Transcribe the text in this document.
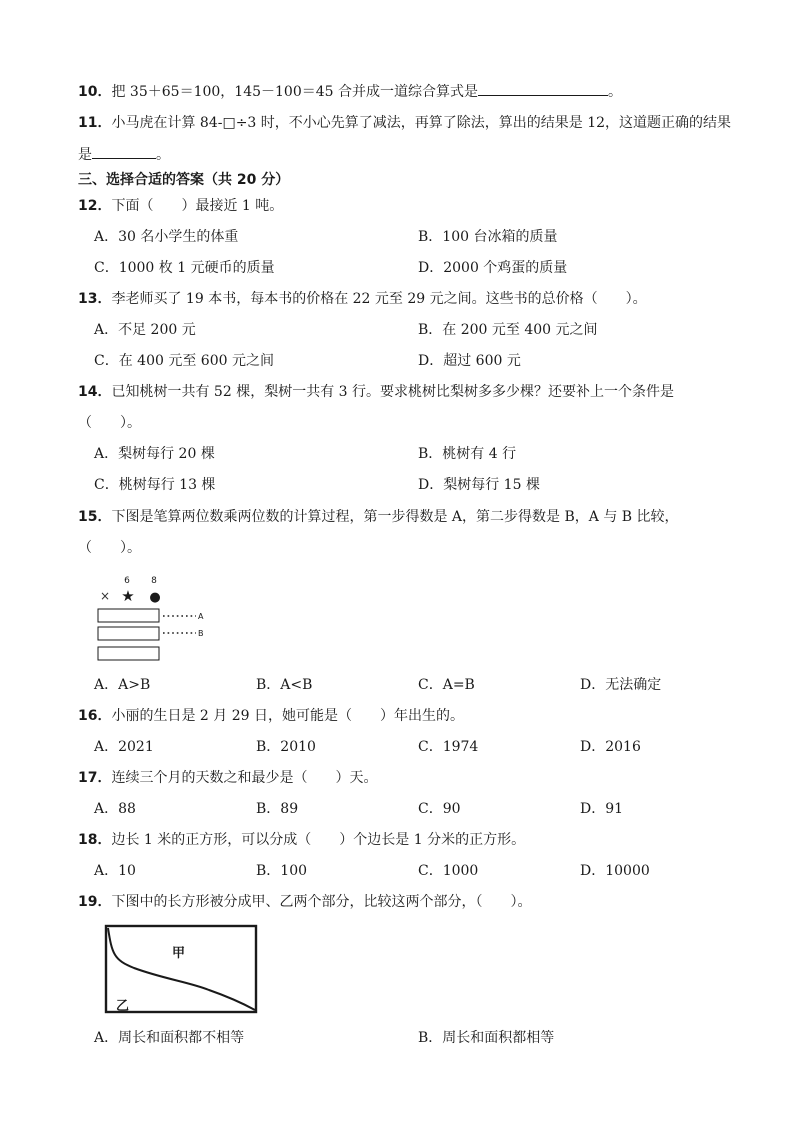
10．把 35＋65＝100，145－100＝45 合并成一道综合算式是	。
11．小马虎在计算 84-□÷3 时，不小心先算了减法，再算了除法，算出的结果是 12，这道题正确的结果
是	。
三、选择合适的答案（共 20 分）
12．下面（　　）最接近 1 吨。
A．30 名小学生的体重	B．100 台冰箱的质量
C．1000 枚 1 元硬币的质量	D．2000 个鸡蛋的质量
13．李老师买了 19 本书，每本书的价格在 22 元至 29 元之间。这些书的总价格（　　）。
A．不足 200 元	B．在 200 元至 400 元之间
C．在 400 元至 600 元之间	D．超过 600 元
14．已知桃树一共有 52 棵，梨树一共有 3 行。要求桃树比梨树多多少棵？还要补上一个条件是
（　　）。
A．梨树每行 20 棵	B．桃树有 4 行
C．桃树每行 13 棵	D．梨树每行 15 棵
15．下图是笔算两位数乘两位数的计算过程，第一步得数是 A，第二步得数是 B，A 与 B 比较，
（　　）。
6 8
× ★ ●
A
B
A．A>B	B．A<B	C．A=B	D．无法确定
16．小丽的生日是 2 月 29 日，她可能是（　　）年出生的。
A．2021	B．2010	C．1974	D．2016
17．连续三个月的天数之和最少是（　　）天。
A．88	B．89	C．90	D．91
18．边长 1 米的正方形，可以分成（　　）个边长是 1 分米的正方形。
A．10	B．100	C．1000	D．10000
19．下图中的长方形被分成甲、乙两个部分，比较这两个部分，（　　）。
甲
乙
A．周长和面积都不相等	B．周长和面积都相等
